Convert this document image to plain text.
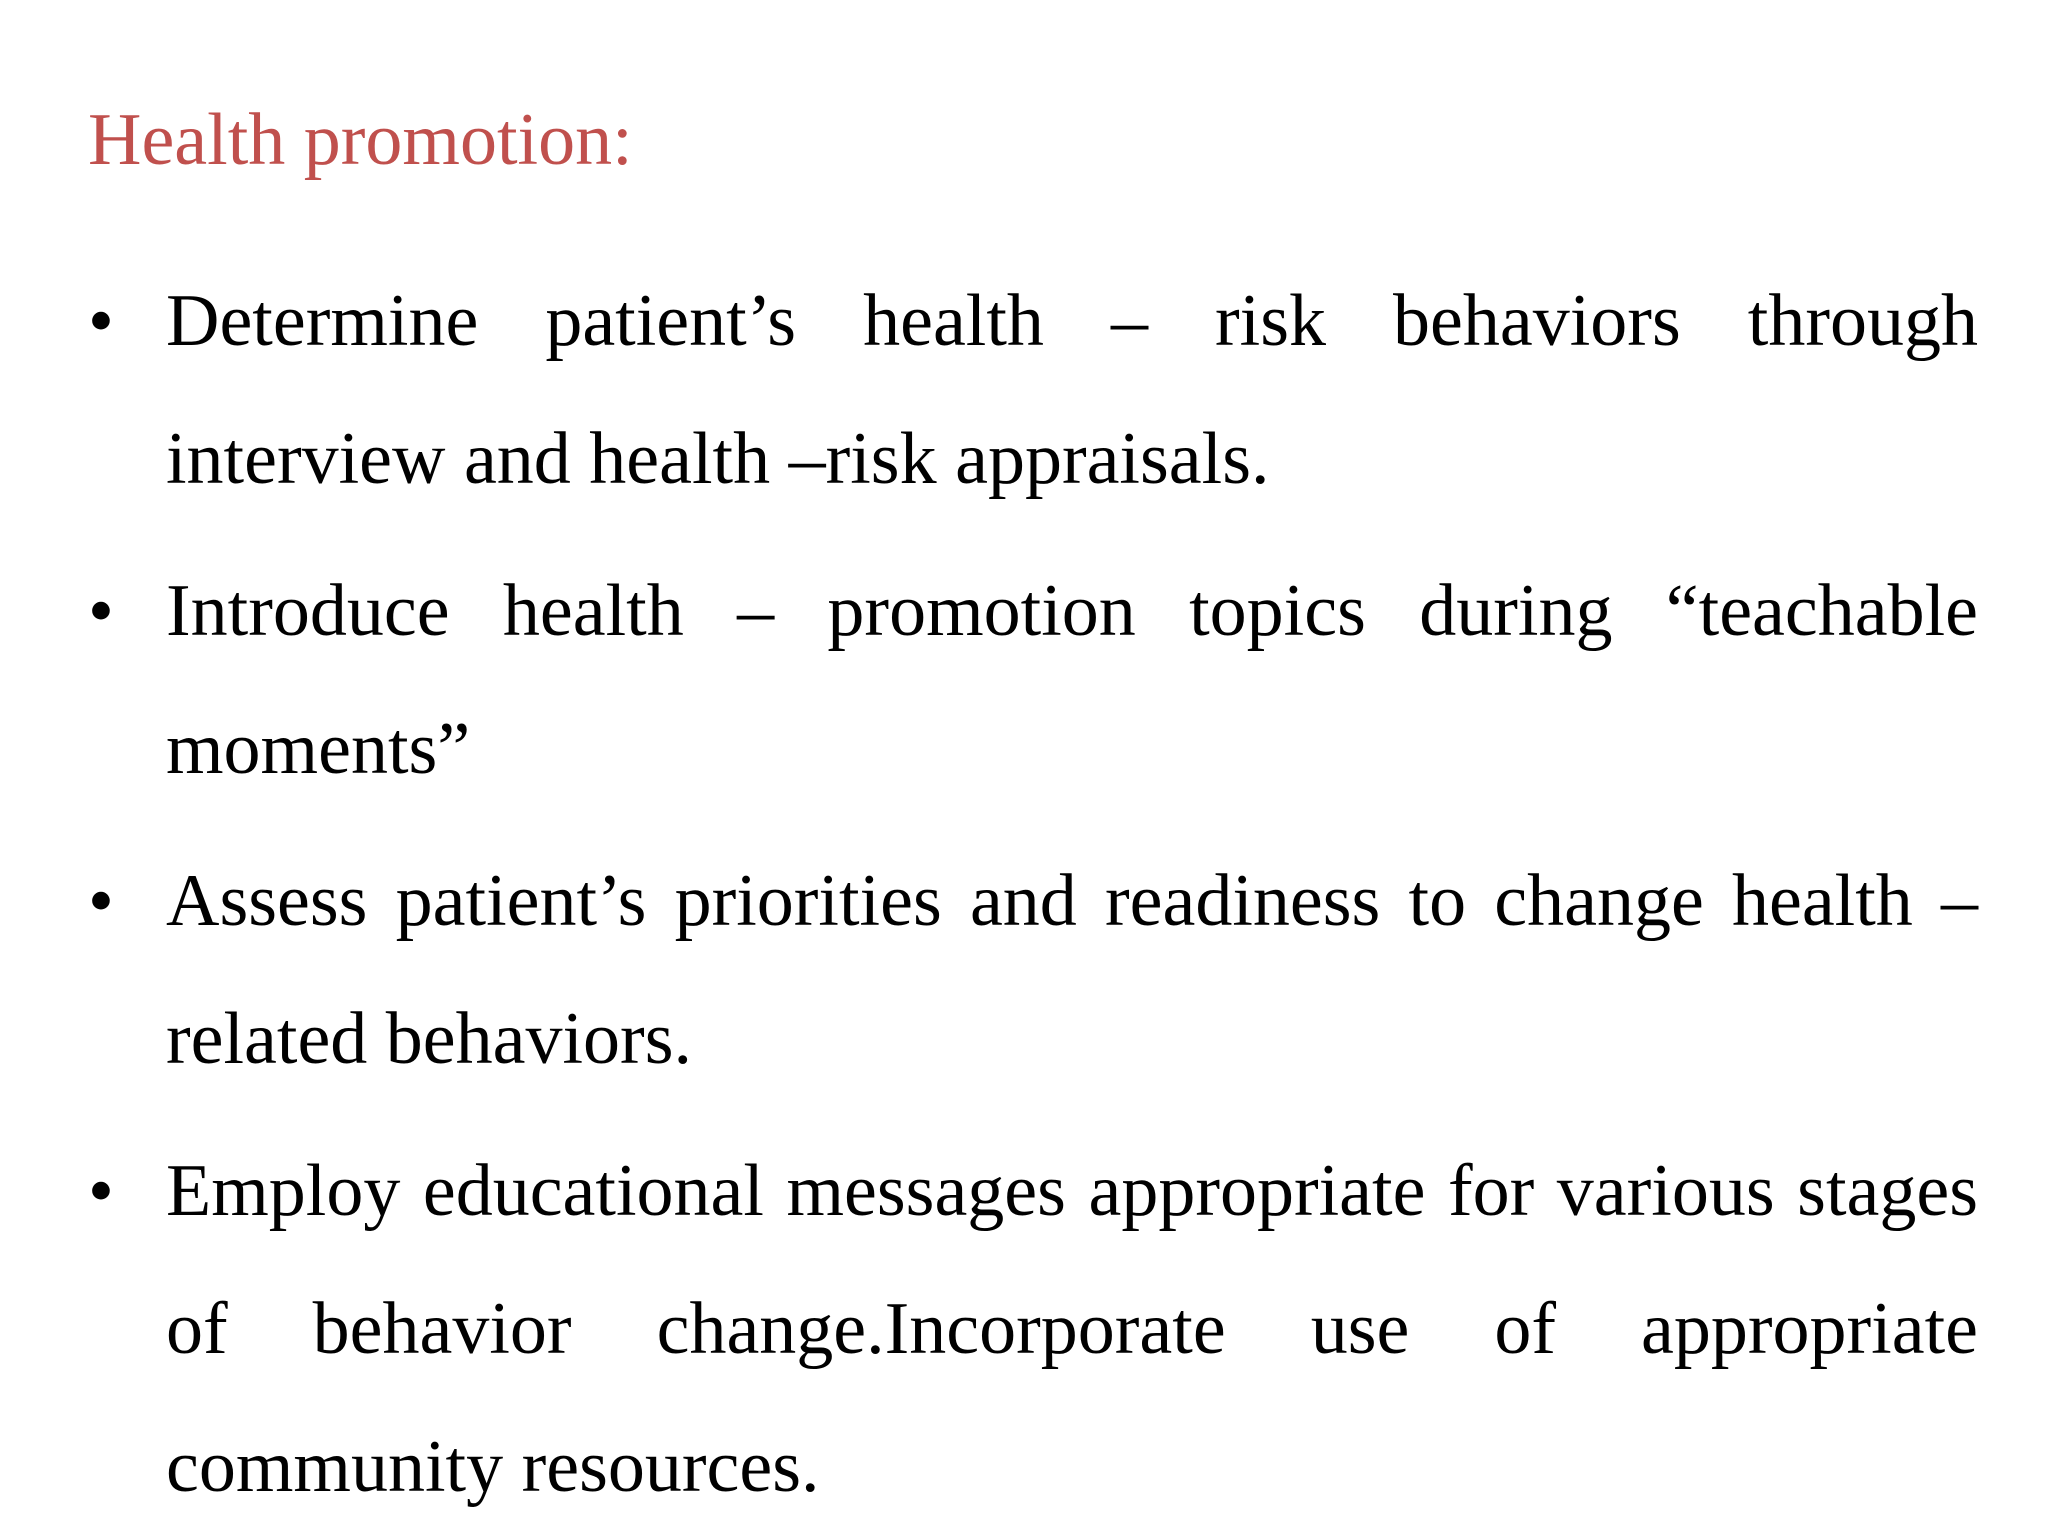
Health promotion:
• Determine patient’s health – risk behaviors through interview and health –risk appraisals.
• Introduce health – promotion topics during “teachable moments”
• Assess patient’s priorities and readiness to change health – related behaviors.
• Employ educational messages appropriate for various stages of behavior change.Incorporate use of appropriate community resources.
